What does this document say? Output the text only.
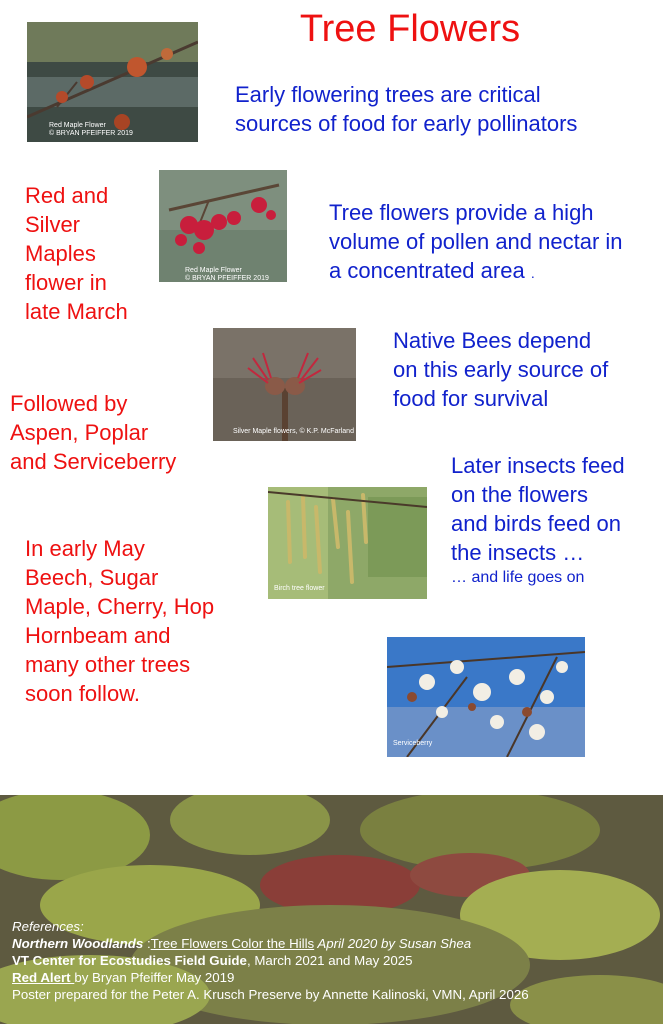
Tree Flowers
Red Maple Flower
© BRYAN PFEIFFER 2019
Early flowering trees are critical
sources of food for early pollinators
Red and
Silver
Maples
flower in
late March
Red Maple Flower
© BRYAN PFEIFFER 2019
Tree flowers provide a high
volume of pollen and nectar in
a concentrated area .
Silver Maple flowers, © K.P. McFarland
Native Bees depend
on this early source of
food for survival
Followed by
Aspen, Poplar
and Serviceberry	Later insects feed
on the flowers
and birds feed on
the insects …
… and life goes on
Birch tree flower
In early May
Beech, Sugar
Maple, Cherry, Hop
Hornbeam and
many other trees
soon follow.
Serviceberry
References:
Northern Woodlands :Tree Flowers Color the Hills April 2020 by Susan Shea
VT Center for Ecostudies Field Guide, March 2021 and May 2025
Red Alert by Bryan Pfeiffer May 2019
Poster prepared for the Peter A. Krusch Preserve by Annette Kalinoski, VMN, April 2026
